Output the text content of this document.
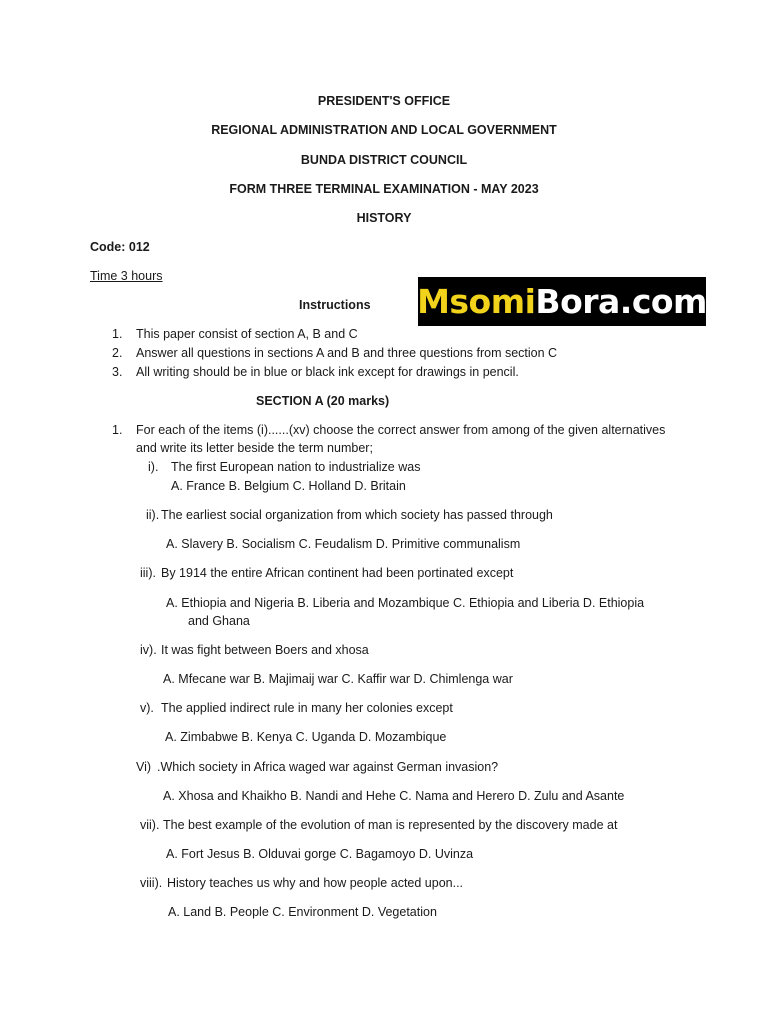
PRESIDENT'S OFFICE
REGIONAL ADMINISTRATION AND LOCAL GOVERNMENT
BUNDA DISTRICT COUNCIL
FORM THREE TERMINAL EXAMINATION - MAY 2023
HISTORY
Code: 012
Time 3 hours
Msomi Bora.com
Instructions
1. This paper consist of section A, B and C
2. Answer all questions in sections A and B and three questions from section C
3. All writing should be in blue or black ink except for drawings in pencil.
SECTION A (20 marks)
1. For each of the items (i)......(xv) choose the correct answer from among of the given alternatives
and write its letter beside the term number;
i). The first European nation to industrialize was
A. France B. Belgium C. Holland D. Britain
ii). The earliest social organization from which society has passed through
A. Slavery B. Socialism C. Feudalism D. Primitive communalism
iii). By 1914 the entire African continent had been portinated except
A. Ethiopia and Nigeria B. Liberia and Mozambique C. Ethiopia and Liberia D. Ethiopia
and Ghana
iv). It was fight between Boers and xhosa
A. Mfecane war B. Majimaij war C. Kaffir war D. Chimlenga war
v). The applied indirect rule in many her colonies except
A. Zimbabwe B. Kenya C. Uganda D. Mozambique
Vi) .Which society in Africa waged war against German invasion?
A. Xhosa and Khaikho B. Nandi and Hehe C. Nama and Herero D. Zulu and Asante
vii). The best example of the evolution of man is represented by the discovery made at
A. Fort Jesus B. Olduvai gorge C. Bagamoyo D. Uvinza
viii). History teaches us why and how people acted upon...
A. Land B. People C. Environment D. Vegetation
